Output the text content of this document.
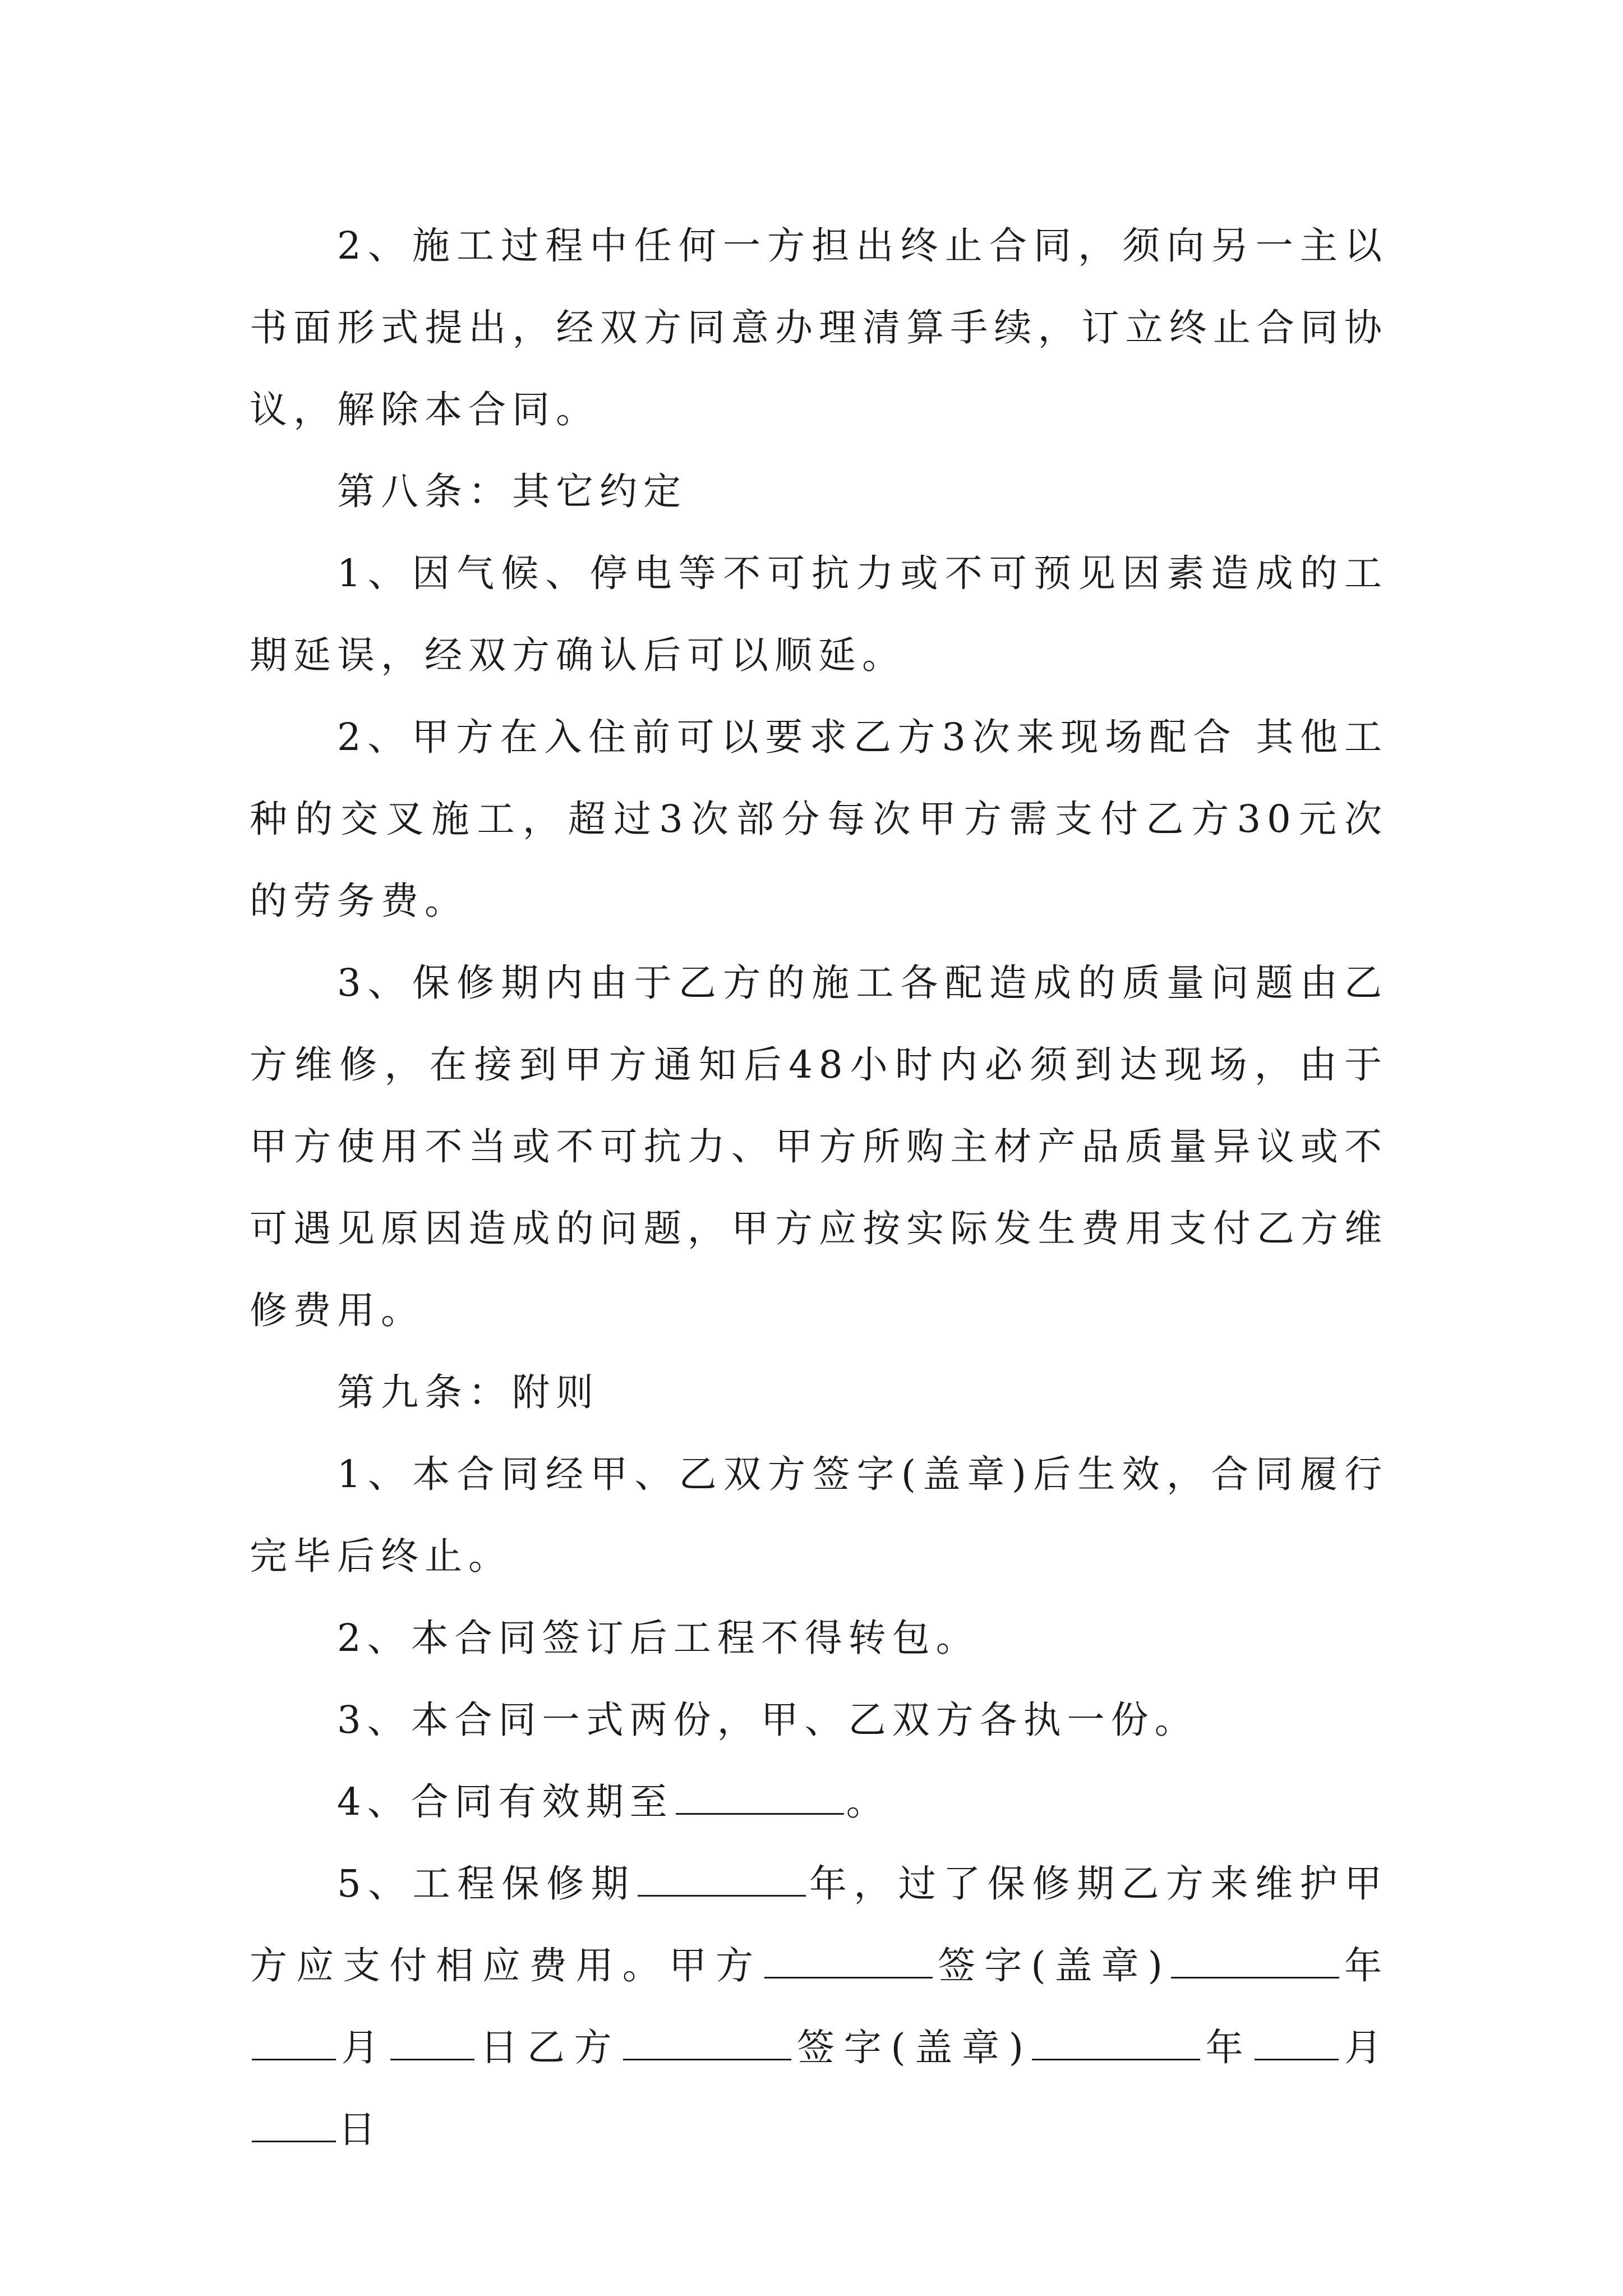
2、施工过程中任何一方担出终止合同，须向另一主以书面形式提出，经双方同意办理清算手续，订立终止合同协议，解除本合同。

第八条：其它约定

1、因气候、停电等不可抗力或不可预见因素造成的工期延误，经双方确认后可以顺延。

2、甲方在入住前可以要求乙方3次来现场配合 其他工种的交叉施工，超过3次部分每次甲方需支付乙方30元次的劳务费。

3、保修期内由于乙方的施工各配造成的质量问题由乙方维修，在接到甲方通知后48小时内必须到达现场，由于甲方使用不当或不可抗力、甲方所购主材产品质量异议或不可遇见原因造成的问题，甲方应按实际发生费用支付乙方维修费用。

第九条：附则

1、本合同经甲、乙双方签字(盖章)后生效，合同履行完毕后终止。

2、本合同签订后工程不得转包。

3、本合同一式两份，甲、乙双方各执一份。

4、合同有效期至	。

5、工程保修期	年，过了保修期乙方来维护甲方应支付相应费用。甲方	签字(盖章)	年月 日乙方	签字(盖章)	年 月日
